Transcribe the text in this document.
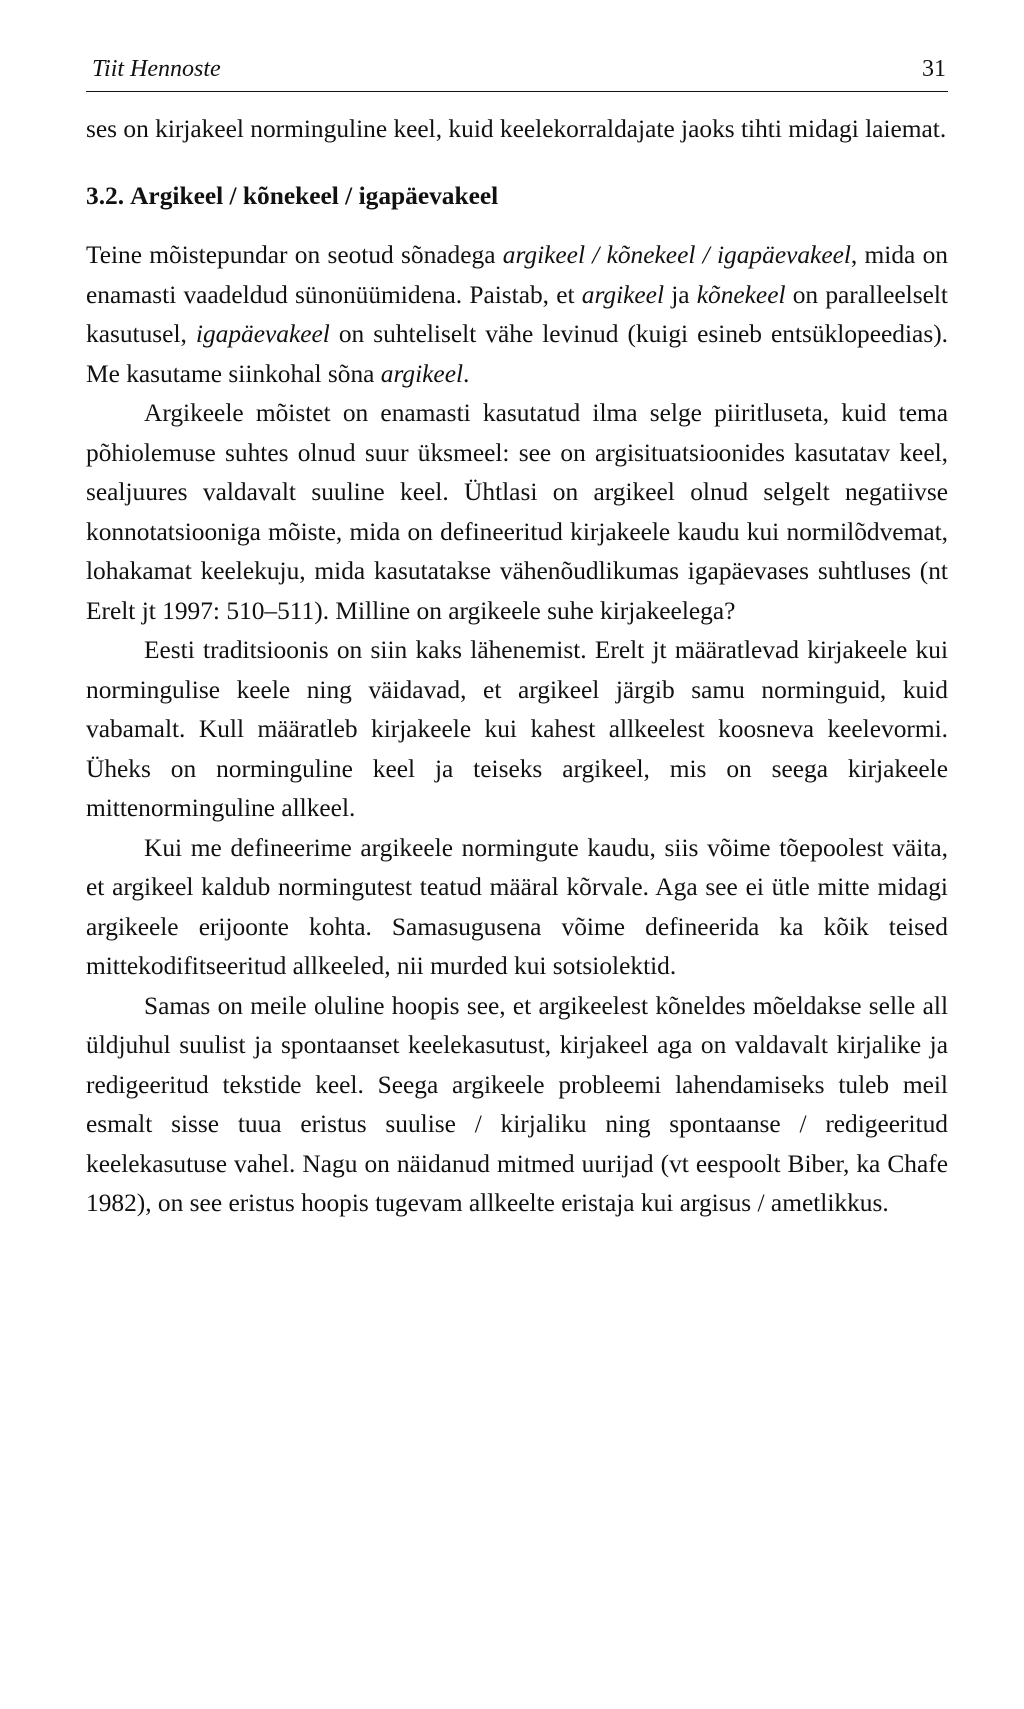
Tiit Hennoste	31

ses on kirjakeel norminguline keel, kuid keelekorraldajate jaoks tihti midagi laiemat.

3.2. Argikeel / kõnekeel / igapäevakeel

Teine mõistepundar on seotud sõnadega argikeel / kõnekeel / igapäevakeel, mida on enamasti vaadeldud sünonüümidena. Paistab, et argikeel ja kõnekeel on paralleelselt kasutusel, igapäevakeel on suhteliselt vähe levinud (kuigi esineb entsüklopeedias). Me kasutame siinkohal sõna argikeel.

Argikeele mõistet on enamasti kasutatud ilma selge piiritluseta, kuid tema põhiolemuse suhtes olnud suur üksmeel: see on argisituatsioonides kasutatav keel, sealjuures valdavalt suuline keel. Ühtlasi on argikeel olnud selgelt negatiivse konnotatsiooniga mõiste, mida on defineeritud kirjakeele kaudu kui normilõdvemat, lohakamat keelekuju, mida kasutatakse vähenõudlikumas igapäevases suhtluses (nt Erelt jt 1997: 510–511). Milline on argikeele suhe kirjakeelega?

Eesti traditsioonis on siin kaks lähenemist. Erelt jt määratlevad kirjakeele kui normingulise keele ning väidavad, et argikeel järgib samu norminguid, kuid vabamalt. Kull määratleb kirjakeele kui kahest allkeelest koosneva keelevormi. Üheks on norminguline keel ja teiseks argikeel, mis on seega kirjakeele mittenorminguline allkeel.

Kui me defineerime argikeele normingute kaudu, siis võime tõepoolest väita, et argikeel kaldub normingutest teatud määral kõrvale. Aga see ei ütle mitte midagi argikeele erijoonte kohta. Samasugusena võime defineerida ka kõik teised mittekodifitseeritud allkeeled, nii murded kui sotsiolektid.

Samas on meile oluline hoopis see, et argikeelest kõneldes mõeldakse selle all üldjuhul suulist ja spontaanset keelekasutust, kirjakeel aga on valdavalt kirjalike ja redigeeritud tekstide keel. Seega argikeele probleemi lahendamiseks tuleb meil esmalt sisse tuua eristus suulise / kirjaliku ning spontaanse / redigeeritud keelekasutuse vahel. Nagu on näidanud mitmed uurijad (vt eespoolt Biber, ka Chafe 1982), on see eristus hoopis tugevam allkeelte eristaja kui argisus / ametlikkus.
